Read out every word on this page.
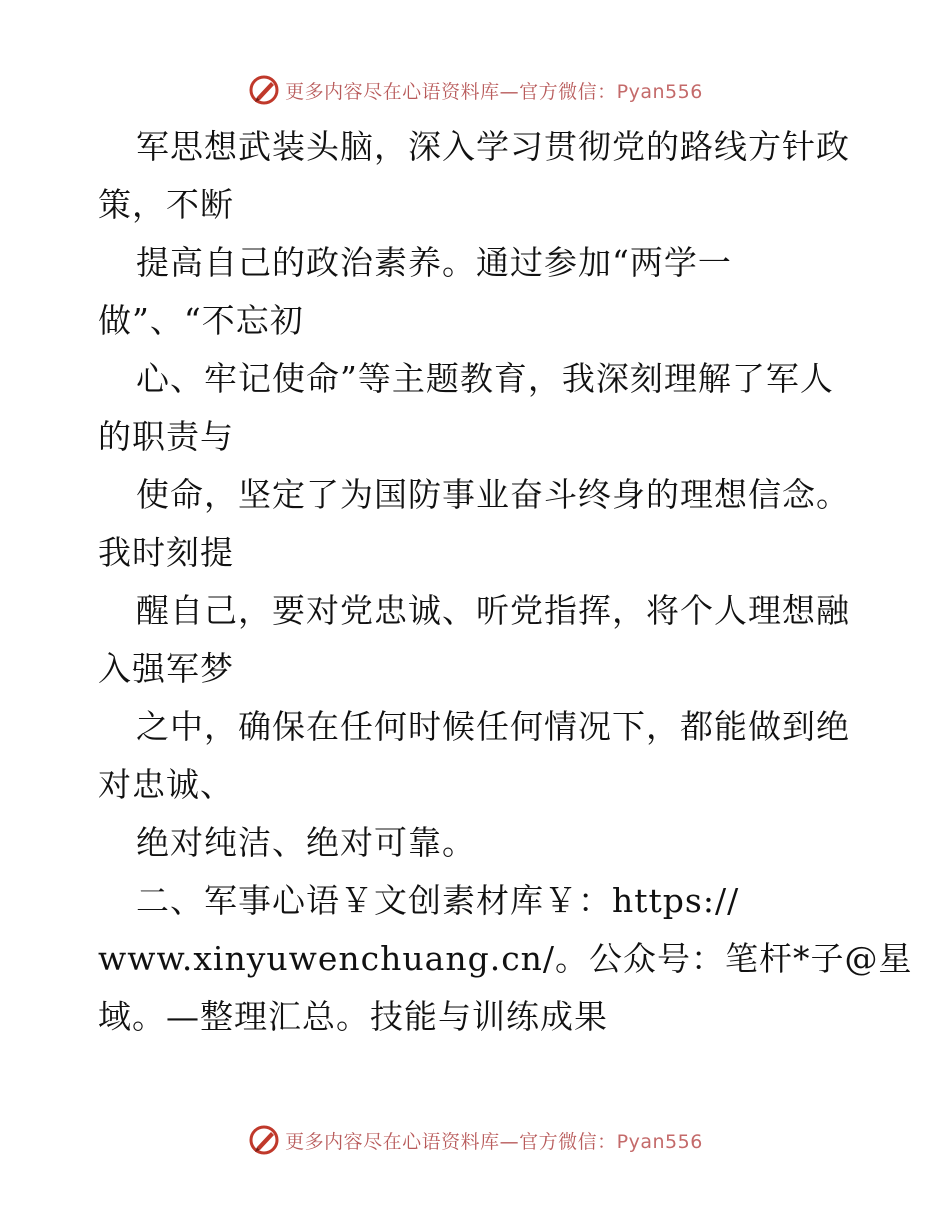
更多内容尽在心语资料库—官方微信：Pyan556
军思想武装头脑，深入学习贯彻党的路线方针政
策，不断
提高自己的政治素养。通过参加“两学一
做”、“不忘初
心、牢记使命”等主题教育，我深刻理解了军人
的职责与
使命，坚定了为国防事业奋斗终身的理想信念。
我时刻提
醒自己，要对党忠诚、听党指挥，将个人理想融
入强军梦
之中，确保在任何时候任何情况下，都能做到绝
对忠诚、
绝对纯洁、绝对可靠。
二、军事心语￥文创素材库￥：https://
www.xinyuwenchuang.cn/。公众号：笔杆*子@星
域。—整理汇总。技能与训练成果
更多内容尽在心语资料库—官方微信：Pyan556
